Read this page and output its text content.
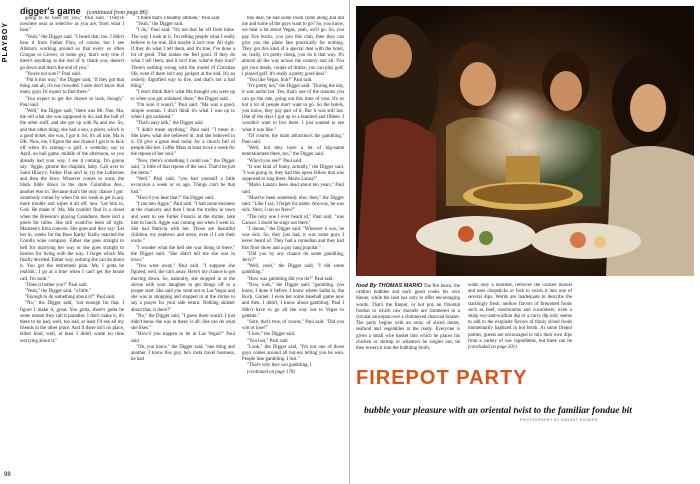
PLAYBOY
digger's game (continued from page 86)

going to be hard for you," Paul said. "They're nowhere near as selective as you are, from what I hear."

"Yeah," the Digger said. "I heard that, too. I didn't hear it from Father Finn, of course, but I see Allston's working around so that every so often Coogan or Grover, or some guy, that's only true if there's anything to the rest of it, thank you, doesn't go down and that's the end of you."

"You're not sure?" Paul said.

"Put it this way," the Digger said, "if they got that thing and all, it's not crowded. I sure don't know that many guys I'd expect to find there."

"You expect to get the chance to look, though," Paul said.

"Well," the Digger said, "there was Mr. Noe, Ma, the old what she was supposed to do, and the hall of the other stuff, and she got up with Pa and me. So, and that other thing, she had a son, a priest, which is a good ticket, she was, I got it. So, it's all true, Ma is OK. Now, me, I figure the one chance I got is to kick off when it's raining—a golf, a weekday, say in April, no ball game, middle of the afternoon, so you already had your way. I see it coming. I'm gonna say: 'Aggie, gimme the chaplain, baby. Call over to Saint Hilary's. Father Finn ain't in, try the Lutherans and then the Jews. Whoever comes to want, the black bible down in the store Columbus Ave., another else in.' Because that's the only chance I got: somebody comes by when I'm too weak to get in any more trouble and wipes it all off, new. 'Let him in, God. He made it.' Ma, Ma couldn't find in a closet when the Breeson's playing Canadiens, there isn't a priest for miles. She still would've been all right. Maureen's Irma concern. She goes and they say: 'Let her in, weeks for the Boss Kathy' Kathy married the Corolla wine company. Either she goes straight to hell for marrying her way or she goes straight to heaven for living with the way. I forget which Ma finally decided. Either way, nothing she can do about it. You got the retirement plan. Me, I gotta be realistic. I go at a time when I can't get the house call, I'm sunk."

"Does it bother you?" Paul said.

"Yeah," the Digger said, "a little."

"Enough to do something about it?" Paul said.

"No," the Digger said, "not enough for that. I figure I make it, great. You gotta, there's gotta be some reason they call it paradise. I don't make it, it's there to be had, well, too bad, at least I'll see all my friends in the other place. And if there isn't no place, either kind, well, at least I didn't waste no time worrying about it."

"I think that's a healthy attitude," Paul said.

"Yeah," the Digger said.

"I do," Paul said. "It's not that far off from mine. The way I look at it, I'm telling people what I really believe to be true. But maybe it isn't true. All right. If they do what I tell them, and it's true, I've done a lot of good. That makes me feel good. If they do what I tell them, and it isn't true, what're they hurt? There's nothing wrong with the model of Christian life, even if there isn't any jackpot at the end. It's an orderly, dignified way to live, and that's not a bad thing."

"I don't think that's what Ma thought you were up to when you got ordained, there," the Digger said.

"I'm sure it wasn't," Paul said. "Ma was a good, simple woman. I don't think it's what I was up to when I got ordained."

"That's easy talk," the Digger said.

"I didn't mean anything," Paul said. "I mean it: She knew what she believed in, and she believed in it. I'd give a great deal today for a church full of people like her. I offer Mass at least twice a week for the repose of her soul."

"Now, there's something I could use," the Digger said, "a little of that repose of the soul. That'd be just the items."

"Well," Paul said, "you had yourself a little excursion a week or so ago. Things can't be that bad."

"How'd you hear that?" the Digger said.

"I ran into Aggie," Paul said. "I had some business at the chancery and then I took the trolley in town and went to see Father Francis at the shrine, take him to lunch. Aggie was coming out when I went in. She had Patricia with her. Those are beautiful children, my nephews and niece, even if I am their uncle."

"I wonder what the hell she was doing in there," the Digger said. "She didn't tell me she was in town."

"You were away," Paul said. "I suppose she figured, well, the cat's away. Here's my chance to get moving down. So, naturally, she stopped in at the shrine with your daughter to get things off to a proper start. She said you went out to Las Vegas and she was in shopping and stopped in at the shrine to say a prayer for your safe return. Nothing sinister about that, is there?"

"No," the Digger said, "I guess there wasn't. I just didn't know she was in there, is all. She can do what she likes."

"How'd you happen to be in Las Vegas?" Paul said.

"Oh, you know," the Digger said, "one thing and another. I know this guy, he's insta travel business, he had

this deal, he had some room come along and did me and some of the guys want to go? So, you know, we hear a lot about Vegas, yeah, we'll go. So, you pay five bucks, you join this club, then they can give you the plane fare practically for nothing. They got this kind of a special deal with the hotel, so, really, it's pretty cheap, you do it that way. It's almost all the way across the country and all. You get your meals, couple of drinks, you can play golf. I played golf. It's really a pretty good deal."

"You like Vegas, huh?" Paul said.

"It's pretty hot," the Digger said. "During the day, it was awful hot. Yes, that's one of the reasons you can go the rate, going out this time of year. It's so hot a lot of people don't want to go. So the hotels, you know, they pay part of it. But it was still hot. One of the days I got up to a hundred and fifteen. I wouldn't want to live there. I just wanted to see what it was like."

"Of course, the main attraction's the gambling," Paul said.

"Well, but they have a lot of big-name entertainment there, too," the Digger said.

"Who'd you see?" Paul said.

"It was kind of funny, actually," the Digger said. "I was going to, they had this opera fellow that was supposed to sing there, Mario Lanza?"

"Mario Lanza's been dead about ten years," Paul said.

"Must've been somebody else, then," the Digger said. "Like I say, I forget his name. Anyway, he was sick. Next, I run on Nero?"

"The only one I ever heard of," Paul said, "was Caruso. I doubt he sings out there."

"I dunno," the Digger said. "Whoever it was, he was sick. So, they just had, it was some guys I never heard of. They had a comedian and they had this floor show and a guy sang popular."

"Did you by any chance do some gambling, Jerry?"

"Well, yeah," the Digger said, "I did some gambling."

"How was gambling did you do?" Paul said.

"Now, look," the Digger said, "gambling, you know, I done it before. I know where Sulba is, the Rock, Garnet. I even bet some baseball game now and then. I didn't, I know about gambling. Paul I didn't have to go all the way out to Vegas to gamble."

"Sure, that's true, of course," Paul said. "Did you win or lose?"

"I lose," the Digger said.

"You lost," Paul said.

"Look," the Digger said, "I'm not one of those guys comes around all hot-ass telling you he won. People lose gambling. I lost."

"That's why they run gambling, I

(continued on page 178)

98
food By THOMAS MARIO The fire burns, the caldron bubbles and each guest cooks his own dinner, while the host has only to offer encouraging words. That's the firepot, or hot pot, an Oriental fondue in which raw morsels are simmered in a circular saucepan over a chimneyed charcoal brazier. The party begins with an array of sliced meats, seafood and vegetables at the ready. Everyone is given a small wire basket into which he places his chicken or shrimp or whatever he singles out; he then lowers it into the bubbling broth,
waits only a moment, retrieves the cooked morsel and uses chopsticks or fork to swish it into one of several dips. Words are inadequate to describe the startlingly fresh, mellow flavors of firepotted foods such as beef, mushrooms and cucumbers; even a sharp soy-and-scallion dip or a curry dip only seems to add to the exquisite flavors of thinly sliced foods momentarily baptized in hot broth. At some firepot parties, guests are encouraged to mix their own dips from a variety of raw ingredients, but there can be (concluded on page 201)
FIREPOT PARTY
bubble your pleasure with an oriental twist to the familiar fondue bit
PHOTOGRAPHY BY DWIGHT HOOKER
